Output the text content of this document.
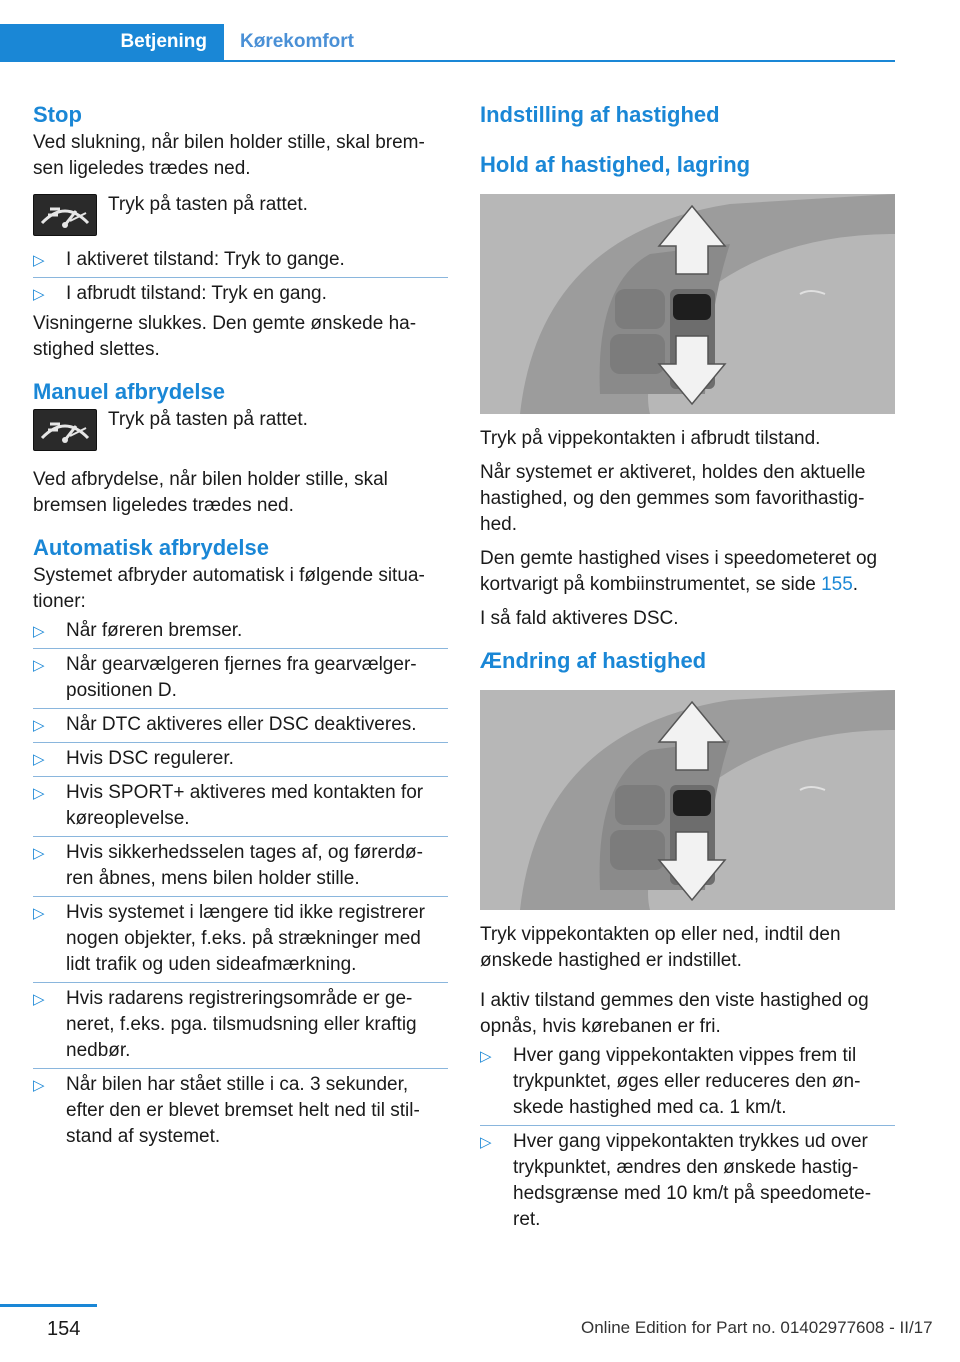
Betjening Kørekomfort
Stop

Ved slukning, når bilen holder stille, skal brem-sen ligeledes trædes ned.

Tryk på tasten på rattet.
▷ I aktiveret tilstand: Tryk to gange.
▷ I afbrudt tilstand: Tryk en gang.

Visningerne slukkes. Den gemte ønskede ha-stighed slettes.

Manuel afbrydelse
Tryk på tasten på rattet.

Ved afbrydelse, når bilen holder stille, skal bremsen ligeledes trædes ned.

Automatisk afbrydelse

Systemet afbryder automatisk i følgende situa-tioner:

▷ Når føreren bremser.
▷ Når gearvælgeren fjernes fra gearvælger-positionen D.
▷ Når DTC aktiveres eller DSC deaktiveres.
▷ Hvis DSC regulerer.
▷ Hvis SPORT+ aktiveres med kontakten for køreoplevelse.
▷ Hvis sikkerhedsselen tages af, og førerdø-ren åbnes, mens bilen holder stille.
▷ Hvis systemet i længere tid ikke registrerer nogen objekter, f.eks. på strækninger med lidt trafik og uden sideafmærkning.
▷ Hvis radarens registreringsområde er ge-neret, f.eks. pga. tilsmudsning eller kraftig nedbør.
▷ Når bilen har stået stille i ca. 3 sekunder, efter den er blevet bremset helt ned til stil-stand af systemet.
Indstilling af hastighed
Hold af hastighed, lagring

Tryk på vippekontakten i afbrudt tilstand.

Når systemet er aktiveret, holdes den aktuelle hastighed, og den gemmes som favorithastig-hed.

Den gemte hastighed vises i speedometeret og kortvarigt på kombiinstrumentet, se side 155.

I så fald aktiveres DSC.

Ændring af hastighed

Tryk vippekontakten op eller ned, indtil den ønskede hastighed er indstillet.

I aktiv tilstand gemmes den viste hastighed og opnås, hvis kørebanen er fri.

▷ Hver gang vippekontakten vippes frem til trykpunktet, øges eller reduceres den øn-skede hastighed med ca. 1 km/t.
▷ Hver gang vippekontakten trykkes ud over trykpunktet, ændres den ønskede hastig-hedsgrænse med 10 km/t på speedomete-ret.
154	Online Edition for Part no. 01402977608 - II/17
